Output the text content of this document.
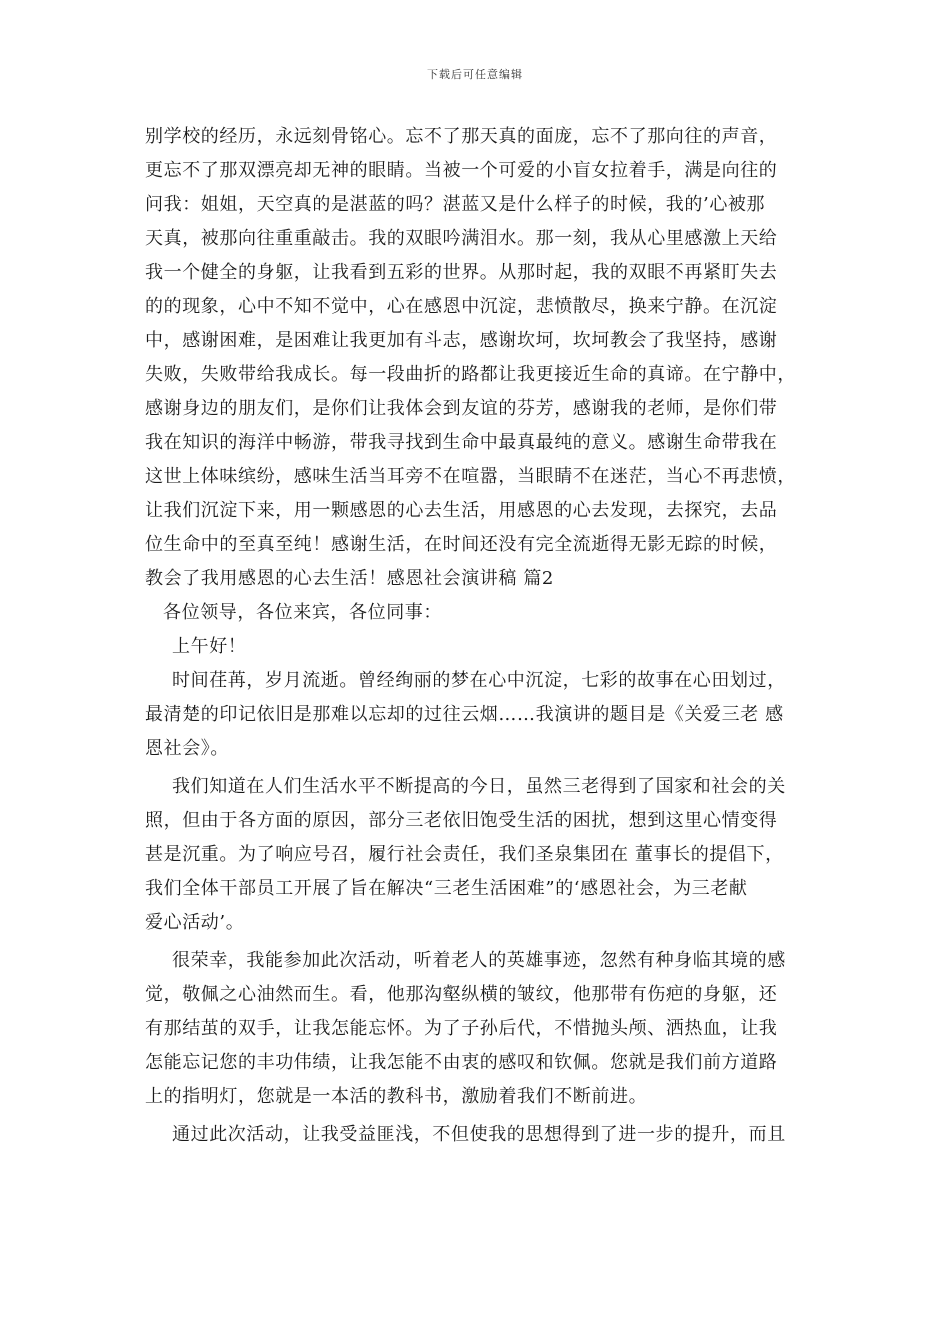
下载后可任意编辑
别学校的经历，永远刻骨铭心。忘不了那天真的面庞，忘不了那向往的声音，
更忘不了那双漂亮却无神的眼睛。当被一个可爱的小盲女拉着手，满是向往的
问我：姐姐，天空真的是湛蓝的吗？湛蓝又是什么样子的时候，我的’心被那
天真，被那向往重重敲击。我的双眼吟满泪水。那一刻，我从心里感激上天给
我一个健全的身躯，让我看到五彩的世界。从那时起，我的双眼不再紧盯失去
的的现象，心中不知不觉中，心在感恩中沉淀，悲愤散尽，换来宁静。在沉淀
中，感谢困难，是困难让我更加有斗志，感谢坎坷，坎坷教会了我坚持，感谢
失败，失败带给我成长。每一段曲折的路都让我更接近生命的真谛。在宁静中，
感谢身边的朋友们，是你们让我体会到友谊的芬芳，感谢我的老师，是你们带
我在知识的海洋中畅游，带我寻找到生命中最真最纯的意义。感谢生命带我在
这世上体味缤纷，感味生活当耳旁不在喧嚣，当眼睛不在迷茫，当心不再悲愤，
让我们沉淀下来，用一颗感恩的心去生活，用感恩的心去发现，去探究，去品
位生命中的至真至纯！感谢生活，在时间还没有完全流逝得无影无踪的时候，
教会了我用感恩的心去生活！感恩社会演讲稿 篇2
各位领导，各位来宾，各位同事：
上午好！
时间荏苒，岁月流逝。曾经绚丽的梦在心中沉淀，七彩的故事在心田划过，
最清楚的印记依旧是那难以忘却的过往云烟……我演讲的题目是《关爱三老 感
恩社会》。
我们知道在人们生活水平不断提高的今日，虽然三老得到了国家和社会的关
照，但由于各方面的原因，部分三老依旧饱受生活的困扰，想到这里心情变得
甚是沉重。为了响应号召，履行社会责任，我们圣泉集团在 董事长的提倡下，
我们全体干部员工开展了旨在解决“三老生活困难”的‘感恩社会，为三老献
爱心活动’。
很荣幸，我能参加此次活动，听着老人的英雄事迹，忽然有种身临其境的感
觉，敬佩之心油然而生。看，他那沟壑纵横的皱纹，他那带有伤疤的身躯，还
有那结茧的双手，让我怎能忘怀。为了子孙后代，不惜抛头颅、洒热血，让我
怎能忘记您的丰功伟绩，让我怎能不由衷的感叹和钦佩。您就是我们前方道路
上的指明灯，您就是一本活的教科书，激励着我们不断前进。
通过此次活动，让我受益匪浅，不但使我的思想得到了进一步的提升，而且
